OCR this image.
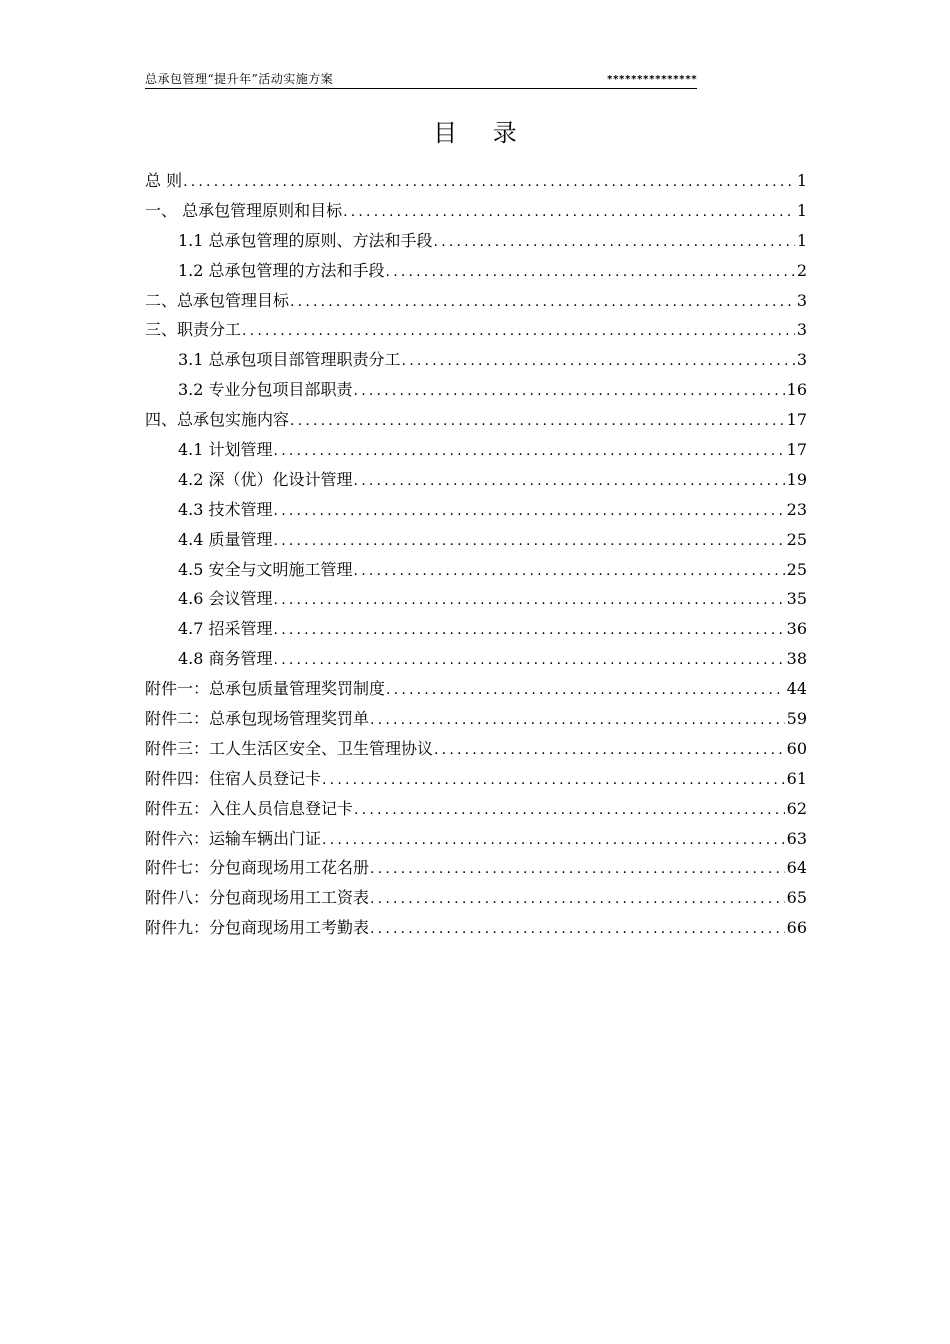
总承包管理“提升年”活动实施方案	***************
目 录
总 则 .....	1
一、 总承包管理原则和目标 .....	1
1.1 总承包管理的原则、方法和手段 .....	1
1.2 总承包管理的方法和手段 .....	2
二、总承包管理目标 .....	3
三、职责分工 .....	3
3.1 总承包项目部管理职责分工 .....	3
3.2 专业分包项目部职责 .....	16
四、总承包实施内容 .....	17
4.1 计划管理 .....	17
4.2 深（优）化设计管理 .....	19
4.3 技术管理 .....	23
4.4 质量管理 .....	25
4.5 安全与文明施工管理 .....	25
4.6 会议管理 .....	35
4.7 招采管理 .....	36
4.8 商务管理 .....	38
附件一：总承包质量管理奖罚制度 .....	44
附件二：总承包现场管理奖罚单 .....	59
附件三：工人生活区安全、卫生管理协议 .....	60
附件四：住宿人员登记卡 .....	61
附件五：入住人员信息登记卡 .....	62
附件六：运输车辆出门证 .....	63
附件七：分包商现场用工花名册 .....	64
附件八：分包商现场用工工资表 .....	65
附件九：分包商现场用工考勤表 .....	66
